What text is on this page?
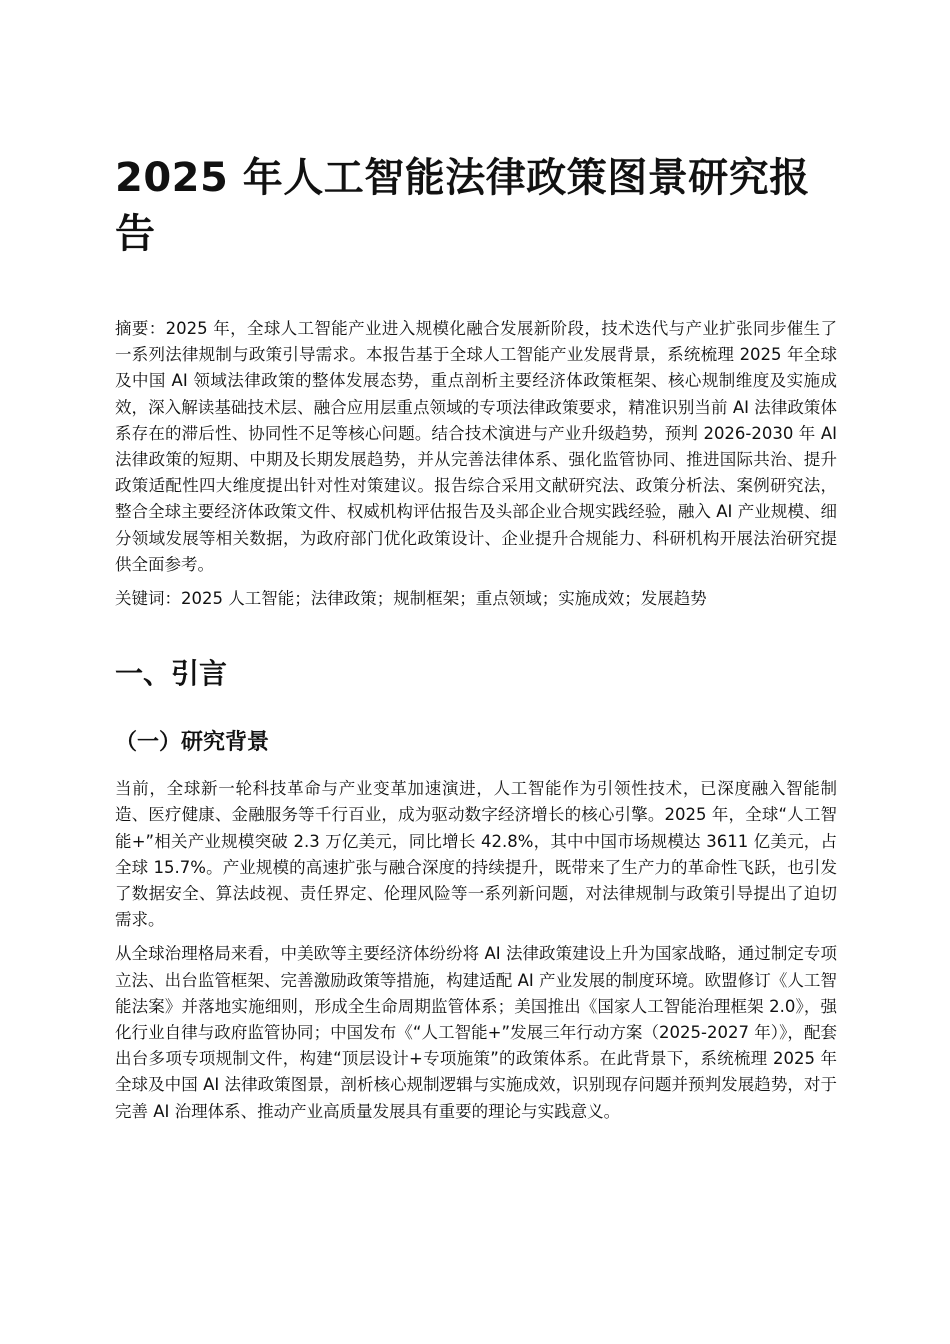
2025 年人工智能法律政策图景研究报告

摘要：2025 年，全球人工智能产业进入规模化融合发展新阶段，技术迭代与产业扩张同步催生了一系列法律规制与政策引导需求。本报告基于全球人工智能产业发展背景，系统梳理 2025 年全球及中国 AI 领域法律政策的整体发展态势，重点剖析主要经济体政策框架、核心规制维度及实施成效，深入解读基础技术层、融合应用层重点领域的专项法律政策要求，精准识别当前 AI 法律政策体系存在的滞后性、协同性不足等核心问题。结合技术演进与产业升级趋势，预判 2026-2030 年 AI 法律政策的短期、中期及长期发展趋势，并从完善法律体系、强化监管协同、推进国际共治、提升政策适配性四大维度提出针对性对策建议。报告综合采用文献研究法、政策分析法、案例研究法，整合全球主要经济体政策文件、权威机构评估报告及头部企业合规实践经验，融入 AI 产业规模、细分领域发展等相关数据，为政府部门优化政策设计、企业提升合规能力、科研机构开展法治研究提供全面参考。

关键词：2025 人工智能；法律政策；规制框架；重点领域；实施成效；发展趋势

一、引言
（一）研究背景

当前，全球新一轮科技革命与产业变革加速演进，人工智能作为引领性技术，已深度融入智能制造、医疗健康、金融服务等千行百业，成为驱动数字经济增长的核心引擎。2025 年，全球“人工智能+”相关产业规模突破 2.3 万亿美元，同比增长 42.8%，其中中国市场规模达 3611 亿美元，占全球 15.7%。产业规模的高速扩张与融合深度的持续提升，既带来了生产力的革命性飞跃，也引发了数据安全、算法歧视、责任界定、伦理风险等一系列新问题，对法律规制与政策引导提出了迫切需求。

从全球治理格局来看，中美欧等主要经济体纷纷将 AI 法律政策建设上升为国家战略，通过制定专项立法、出台监管框架、完善激励政策等措施，构建适配 AI 产业发展的制度环境。欧盟修订《人工智能法案》并落地实施细则，形成全生命周期监管体系；美国推出《国家人工智能治理框架 2.0》，强化行业自律与政府监管协同；中国发布《“人工智能+”发展三年行动方案（2025-2027 年）》，配套出台多项专项规制文件，构建“顶层设计+专项施策”的政策体系。在此背景下，系统梳理 2025 年全球及中国 AI 法律政策图景，剖析核心规制逻辑与实施成效，识别现存问题并预判发展趋势，对于完善 AI 治理体系、推动产业高质量发展具有重要的理论与实践意义。
